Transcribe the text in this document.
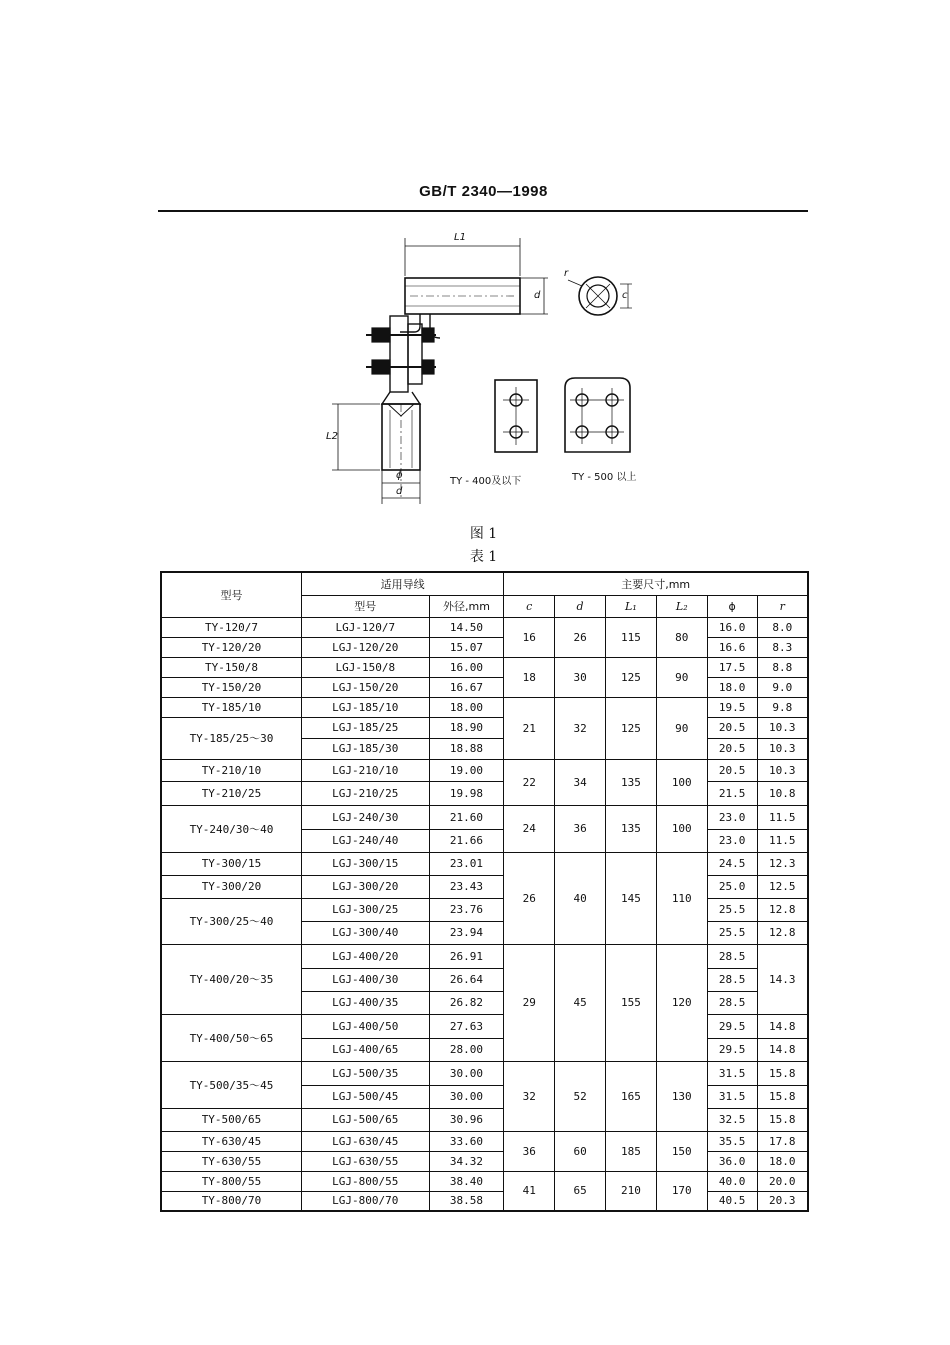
GB/T 2340—1998
L1
d
r
c
L2
ϕ
d
TY - 400及以下	TY - 500 以上
图 1
表 1
型号	适用导线		主要尺寸,mm					
	型号	外径,mm	c	d	L₁	L₂	ϕ	r
TY-120/7	LGJ-120/7	14.50	16	26	115	80	16.0	8.0
TY-120/20	LGJ-120/20	15.07					16.6	8.3
TY-150/8	LGJ-150/8	16.00	18	30	125	90	17.5	8.8
TY-150/20	LGJ-150/20	16.67					18.0	9.0
TY-185/10	LGJ-185/10	18.00	21	32	125	90	19.5	9.8
TY-185/25～30	LGJ-185/25	18.90					20.5	10.3
	LGJ-185/30	18.88					20.5	10.3
TY-210/10	LGJ-210/10	19.00	22	34	135	100	20.5	10.3
TY-210/25	LGJ-210/25	19.98					21.5	10.8
TY-240/30～40	LGJ-240/30	21.60	24	36	135	100	23.0	11.5
	LGJ-240/40	21.66					23.0	11.5
TY-300/15	LGJ-300/15	23.01	26	40	145	110	24.5	12.3
TY-300/20	LGJ-300/20	23.43					25.0	12.5
TY-300/25～40	LGJ-300/25	23.76					25.5	12.8
	LGJ-300/40	23.94					25.5	12.8
TY-400/20～35	LGJ-400/20	26.91	29	45	155	120	28.5	14.3
	LGJ-400/30	26.64					28.5	
	LGJ-400/35	26.82					28.5	
TY-400/50～65	LGJ-400/50	27.63					29.5	14.8
	LGJ-400/65	28.00					29.5	14.8
TY-500/35～45	LGJ-500/35	30.00	32	52	165	130	31.5	15.8
	LGJ-500/45	30.00					31.5	15.8
TY-500/65	LGJ-500/65	30.96					32.5	15.8
TY-630/45	LGJ-630/45	33.60	36	60	185	150	35.5	17.8
TY-630/55	LGJ-630/55	34.32					36.0	18.0
TY-800/55	LGJ-800/55	38.40	41	65	210	170	40.0	20.0
TY-800/70	LGJ-800/70	38.58					40.5	20.3
